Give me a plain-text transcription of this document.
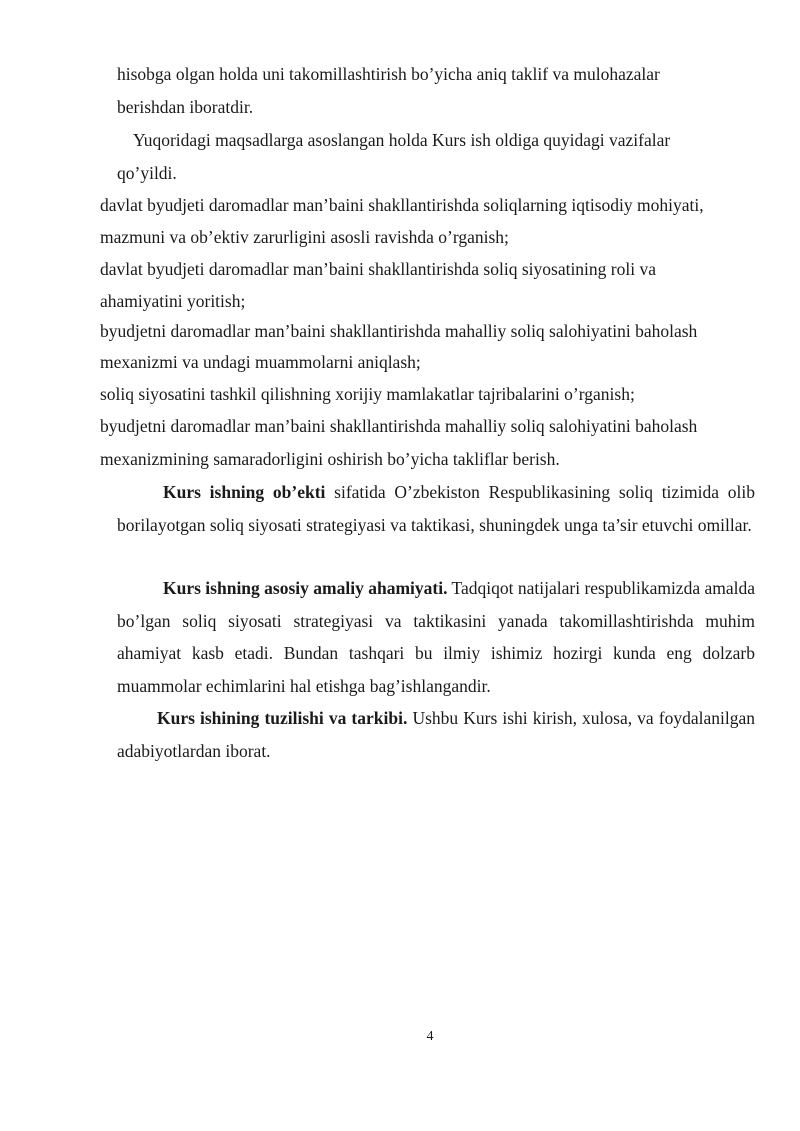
hisobga olgan holda uni takomillashtirish bo’yicha aniq taklif va mulohazalar
berishdan iboratdir.
Yuqoridagi maqsadlarga asoslangan holda Kurs ish oldiga quyidagi vazifalar
qo’yildi.
davlat byudjeti daromadlar man’baini shakllantirishda soliqlarning iqtisodiy mohiyati,
mazmuni va ob’ektiv zarurligini asosli ravishda o’rganish;
davlat byudjeti daromadlar man’baini shakllantirishda soliq siyosatining roli va
ahamiyatini yoritish;
byudjetni daromadlar man’baini shakllantirishda mahalliy soliq salohiyatini baholash
mexanizmi va undagi muammolarni aniqlash;
soliq siyosatini tashkil qilishning xorijiy mamlakatlar tajribalarini o’rganish;
byudjetni daromadlar man’baini shakllantirishda mahalliy soliq salohiyatini baholash
mexanizmining samaradorligini oshirish bo’yicha takliflar berish.
Kurs ishning ob’ekti sifatida O’zbekiston Respublikasining soliq tizimida olib borilayotgan soliq siyosati strategiyasi va taktikasi, shuningdek unga ta’sir etuvchi omillar.
Kurs ishning asosiy amaliy ahamiyati. Tadqiqot natijalari respublikamizda amalda bo’lgan soliq siyosati strategiyasi va taktikasini yanada takomillashtirishda muhim ahamiyat kasb etadi. Bundan tashqari bu ilmiy ishimiz hozirgi kunda eng dolzarb muammolar echimlarini hal etishga bag’ishlangandir.
Kurs ishining tuzilishi va tarkibi. Ushbu Kurs ishi kirish, xulosa, va foydalanilgan adabiyotlardan iborat.
4
